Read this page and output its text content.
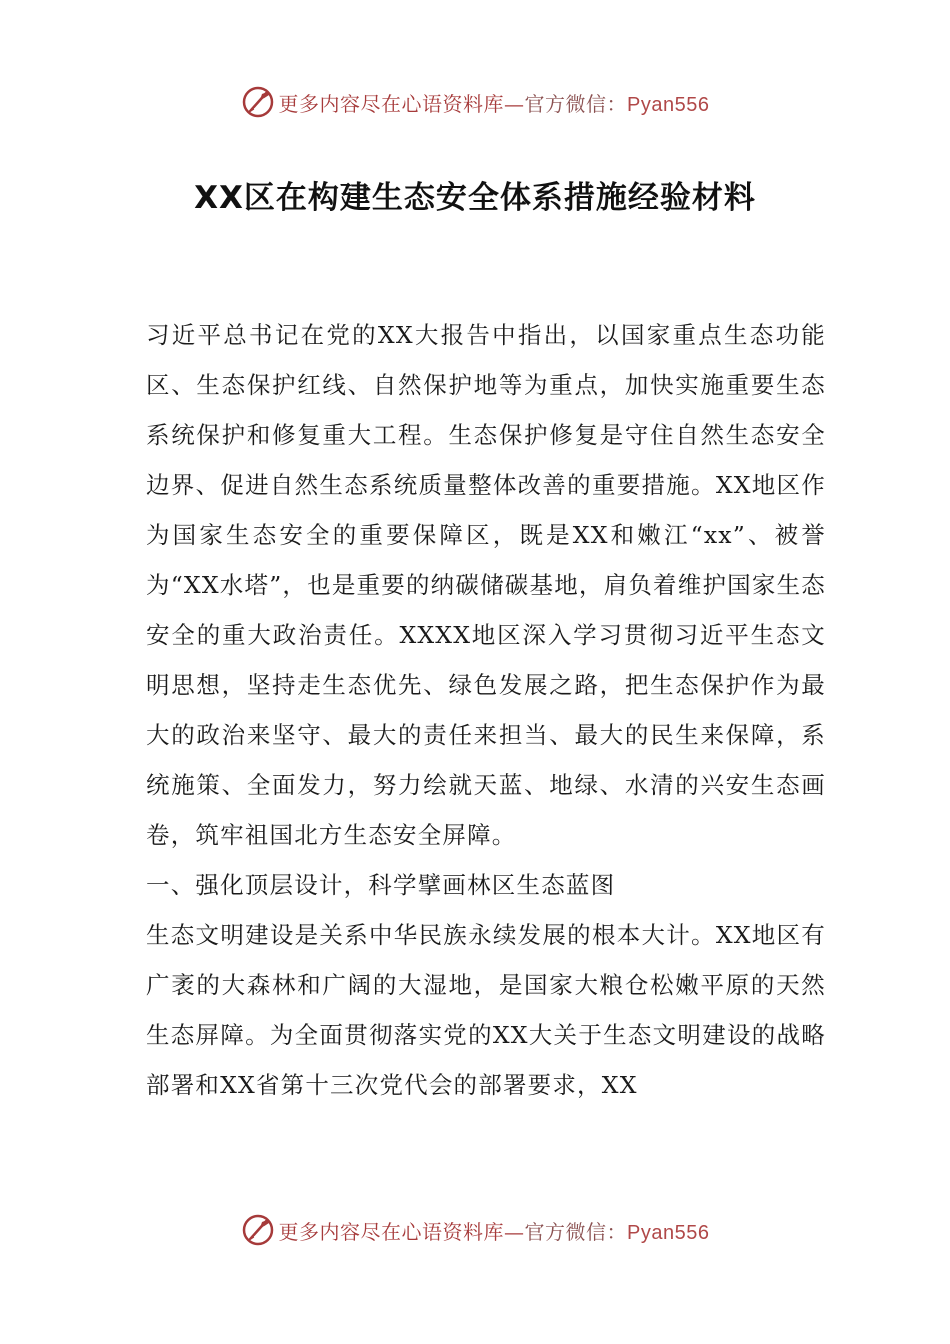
更多内容尽在心语资料库—官方微信：Pyan556
XX区在构建生态安全体系措施经验材料

习近平总书记在党的XX大报告中指出，以国家重点生态功能区、生态保护红线、自然保护地等为重点，加快实施重要生态系统保护和修复重大工程。生态保护修复是守住自然生态安全边界、促进自然生态系统质量整体改善的重要措施。XX地区作为国家生态安全的重要保障区，既是XX和嫩江“xx”、被誉为“XX水塔”，也是重要的纳碳储碳基地，肩负着维护国家生态安全的重大政治责任。XXXX地区深入学习贯彻习近平生态文明思想，坚持走生态优先、绿色发展之路，把生态保护作为最大的政治来坚守、最大的责任来担当、最大的民生来保障，系统施策、全面发力，努力绘就天蓝、地绿、水清的兴安生态画卷，筑牢祖国北方生态安全屏障。

一、强化顶层设计，科学擘画林区生态蓝图

生态文明建设是关系中华民族永续发展的根本大计。XX地区有广袤的大森林和广阔的大湿地，是国家大粮仓松嫩平原的天然生态屏障。为全面贯彻落实党的XX大关于生态文明建设的战略部署和XX省第十三次党代会的部署要求，XX

更多内容尽在心语资料库—官方微信：Pyan556
